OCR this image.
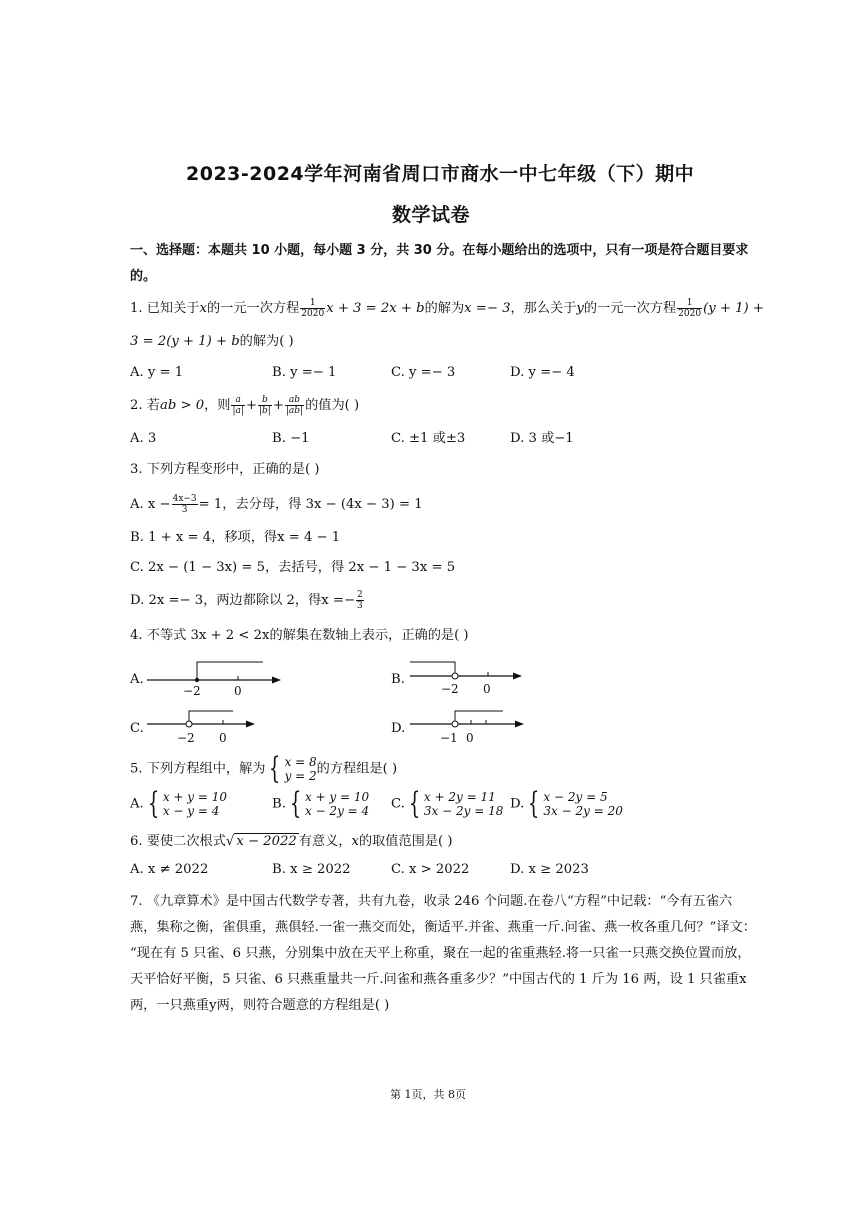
2023-2024学年河南省周口市商水一中七年级（下）期中
数学试卷
一、选择题：本题共 10 小题，每小题 3 分，共 30 分。在每小题给出的选项中，只有一项是符合题目要求
的。
1. 已知关于x的一元一次方程 $\frac{1}{2020}$ x + 3 = 2x + b的解为x =− 3，那么关于y的一元一次方程 $\frac{1}{2020} (y + 1)$ +
3 = 2(y + 1) + b的解为( )
A. y = 1	B. y =− 1	C. y =− 3	D. y =− 4
2. 若ab > 0，则 $\frac{a}{|a|} + \frac{b}{|b|} + \frac{ab}{|ab|}$ 的值为( )
A. 3	B. −1	C. ±1 或±3	D. 3 或−1
3. 下列方程变形中，正确的是( )
A. $x - \frac{4x-3}{3} = 1$，去分母，得 3x − (4x − 3) = 1
B. 1 + x = 4，移项，得x = 4 − 1
C. 2x − (1 − 3x) = 5，去括号，得 2x − 1 − 3x = 5
D. 2x =− 3，两边都除以 2，得$x =- \frac{2}{3}$
4. 不等式 3x + 2 < 2x的解集在数轴上表示，正确的是( )
A.
−2	0
B.
−2 0
C.
−2 0
D.
−1 0
5. 下列方程组中，解为 { x = 8
y = 2 的方程组是( )
A. { x + y = 10
x − y = 4	B. { x + y = 10
x − 2y = 4 C. { x + 2y = 11
3x − 2y = 18 D. { x − 2y = 5
3x − 2y = 20
6. 要使二次根式√ x − 2022 有意义，x的取值范围是( )
A. x ≠ 2022	B. x ≥ 2022	C. x > 2022	D. x ≥ 2023
7. 《九章算术》是中国古代数学专著，共有九卷，收录 246 个问题.在卷八“方程”中记载：“今有五雀六
燕，集称之衡，雀俱重，燕俱轻.一雀一燕交而处，衡适平.并雀、燕重一斤.问雀、燕一枚各重几何？”译文：
“现在有 5 只雀、6 只燕，分别集中放在天平上称重，聚在一起的雀重燕轻.将一只雀一只燕交换位置而放，
天平恰好平衡，5 只雀、6 只燕重量共一斤.问雀和燕各重多少？”中国古代的 1 斤为 16 两，设 1 只雀重x
两，一只燕重y两，则符合题意的方程组是( )
第 1页，共 8页
